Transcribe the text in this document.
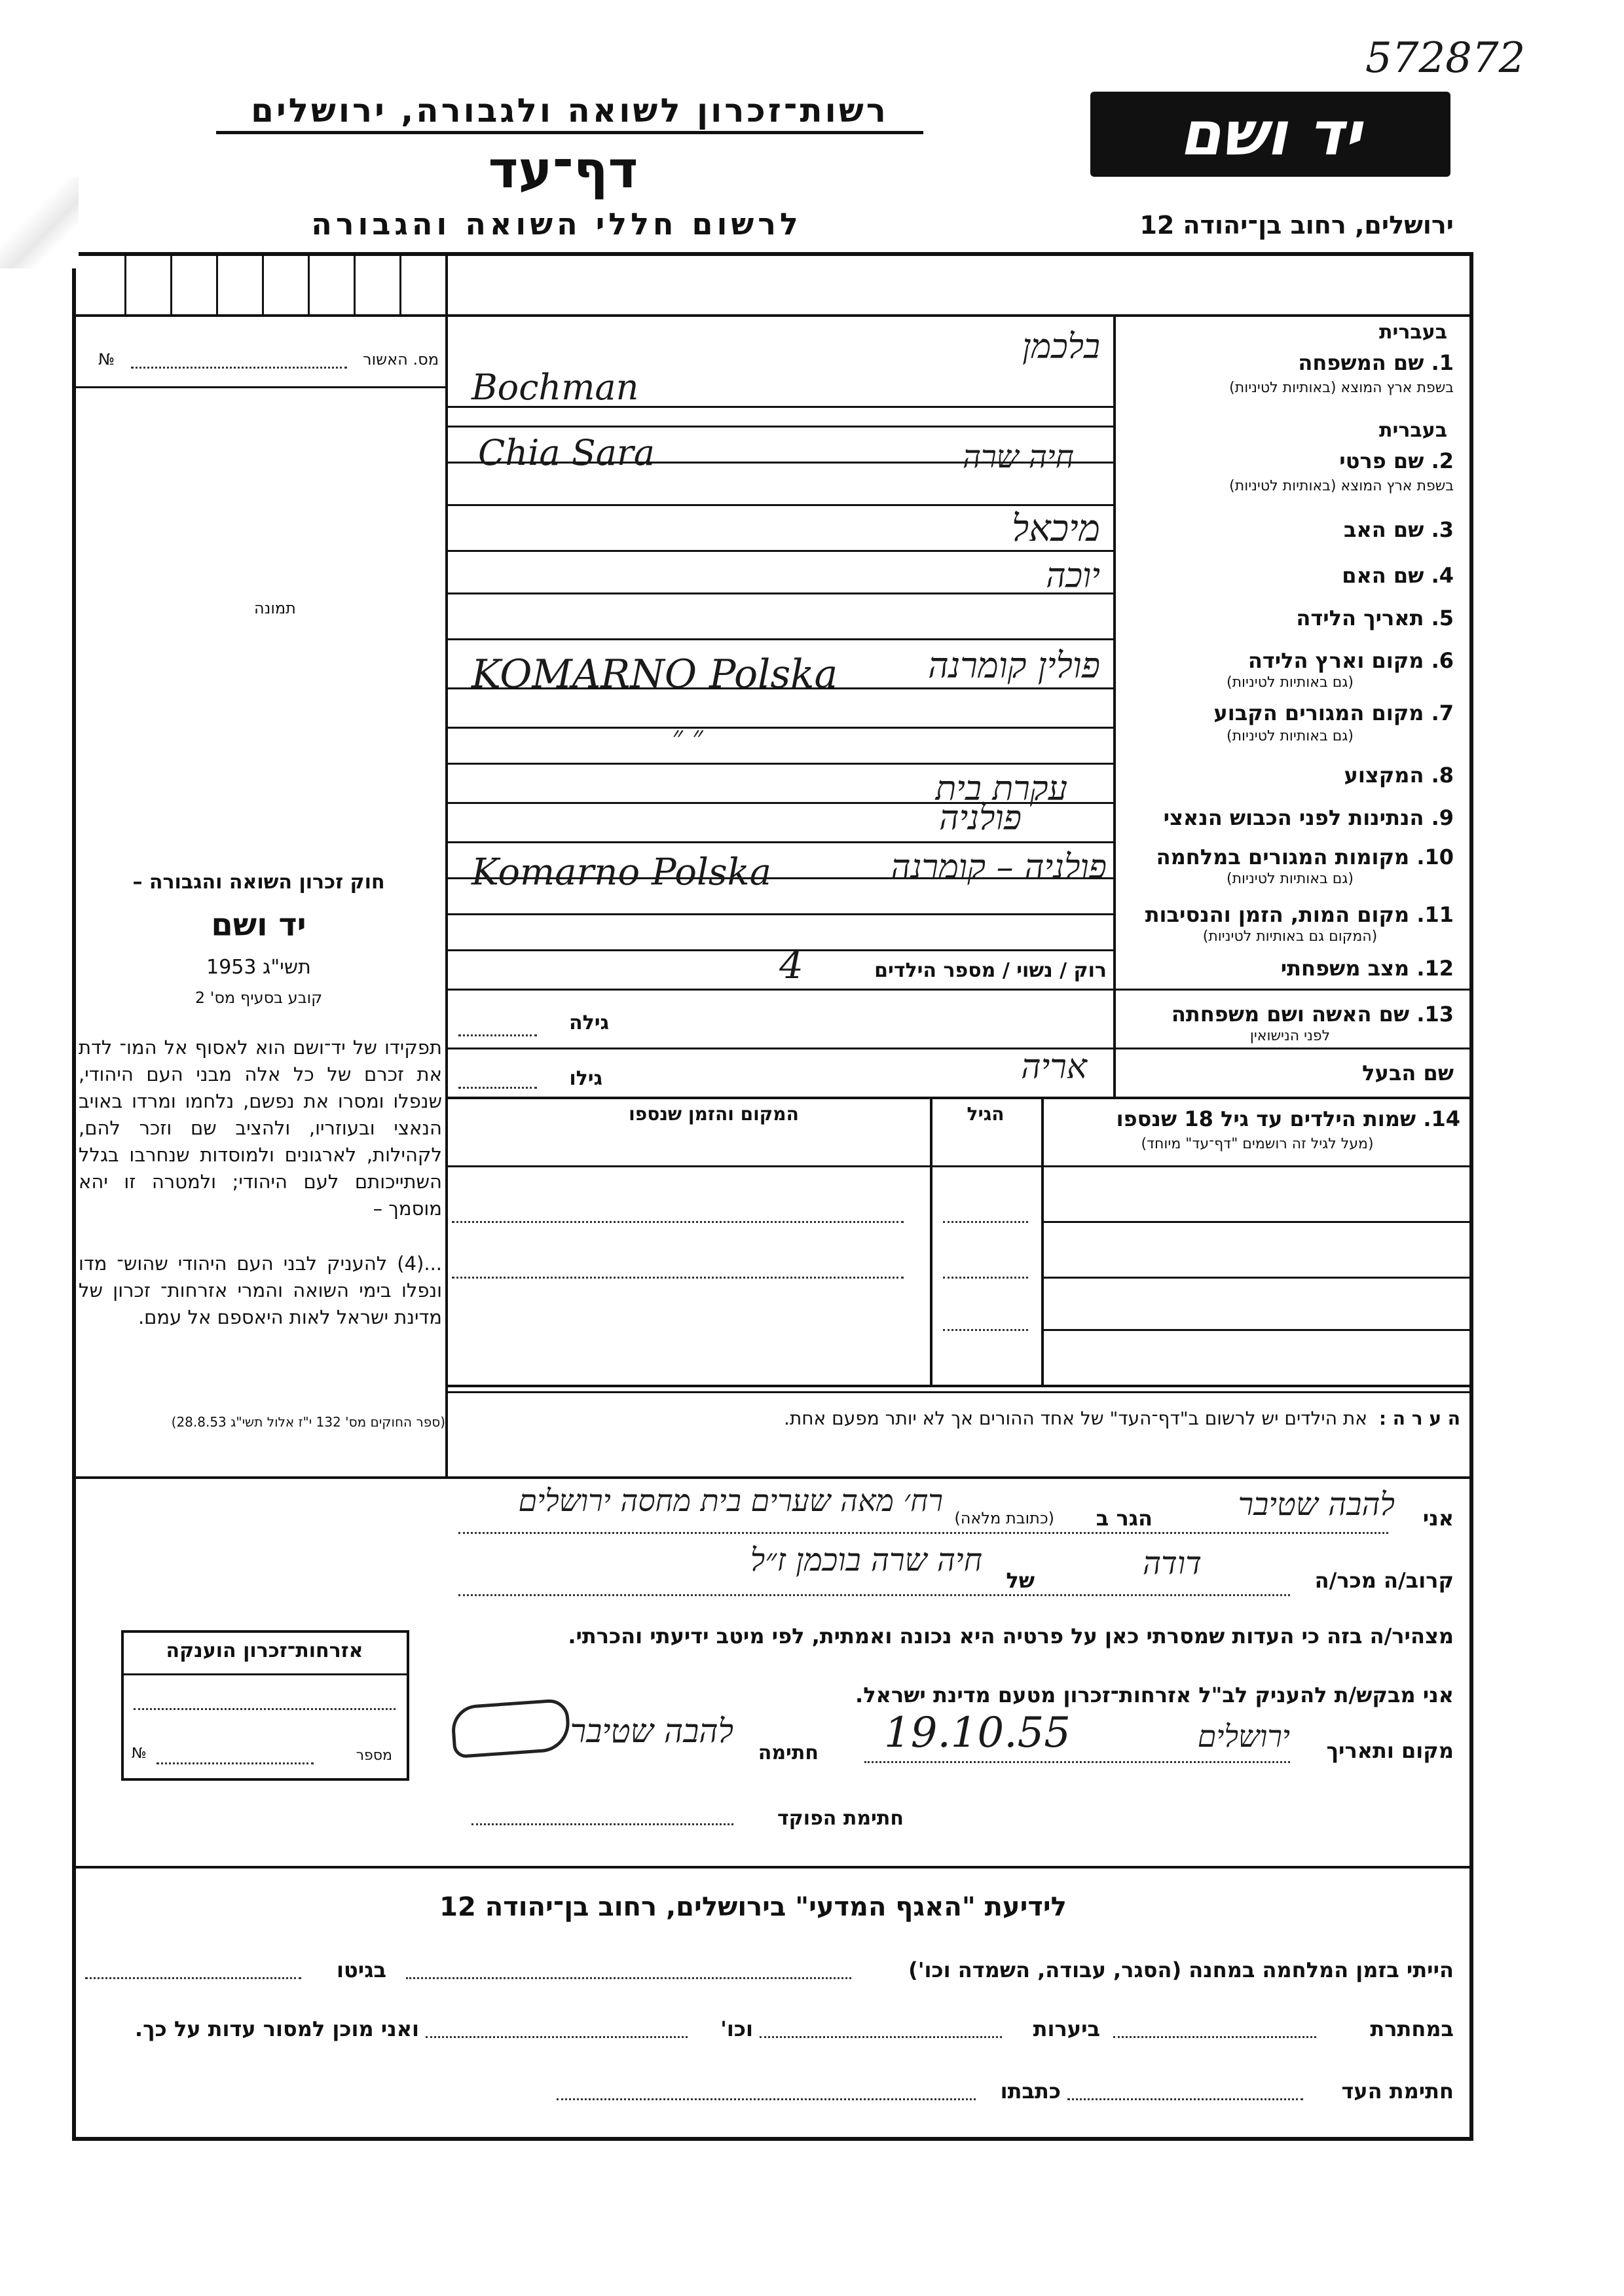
572872
רשות־זכרון לשואה ולגבורה, ירושלים	יד ושם
דף־עד
לרשום חללי השואה והגבורה	ירושלים, רחוב בן־יהודה 12
מס. האשור
№
תמונה
חוק זכרון השואה והגבורה –
יד ושם
תשי"ג 1953
קובע בסעיף מס' 2
תפקידו של יד־ושם הוא לאסוף אל המו־ לדת את זכרם של כל אלה מבני העם היהודי, שנפלו ומסרו את נפשם, נלחמו ומרדו באויב הנאצי ובעוזריו, ולהציב שם וזכר להם, לקהילות, לארגונים ולמוסדות שנחרבו בגלל השתייכותם לעם היהודי; ולמטרה זו יהא מוסמך –
...(4) להעניק לבני העם היהודי שהוש־ מדו ונפלו בימי השואה והמרי אזרחות־ זכרון של מדינת ישראל לאות היאספם אל עמם.
(ספר החוקים מס' 132 י"ז אלול תשי"ג 28.8.53)
בעברית
1. שם המשפחה
בשפת ארץ המוצא (באותיות לטיניות)
בלכמן
Bochman
בעברית
2. שם פרטי
בשפת ארץ המוצא (באותיות לטיניות)
חיה שרה
Chia Sara
3. שם האב
מיכאל
4. שם האם
יוכה
5. תאריך הלידה
6. מקום וארץ הלידה
(גם באותיות לטיניות)
פולין קומרנה
KOMARNO Polska
7. מקום המגורים הקבוע
(גם באותיות לטיניות)
״ ״
8. המקצוע
עקרת בית
9. הנתינות לפני הכבוש הנאצי
פולניה
10. מקומות המגורים במלחמה
(גם באותיות לטיניות)
פולניה – קומרנה
Komarno Polska
11. מקום המות, הזמן והנסיבות
(המקום גם באותיות לטיניות)
12. מצב משפחתי
רוק / נשוי / מספר הילדים
4
13. שם האשה ושם משפחתה
לפני הנישואין
גילה
שם הבעל
אריה
גילו
14. שמות הילדים עד גיל 18 שנספו
(מעל לגיל זה רושמים "דף־עד" מיוחד)
הגיל
המקום והזמן שנספו
ה ע ר ה :  את הילדים יש לרשום ב"דף־העד" של אחד ההורים אך לא יותר מפעם אחת.
אני
להבה שטיבר
הגר ב
(כתובת מלאה)
רח׳ מאה שערים בית מחסה ירושלים
קרוב/ה מכר/ה
דודה
של
חיה שרה בוכמן ז״ל
מצהיר/ה בזה כי העדות שמסרתי כאן על פרטיה היא נכונה ואמתית, לפי מיטב ידיעתי והכרתי.
אני מבקש/ת להעניק לב"ל אזרחות־זכרון מטעם מדינת ישראל.
מקום ותאריך
ירושלים
19.10.55
חתימה
להבה שטיבר
חתימת הפוקד
אזרחות־זכרון הוענקה
מספר
№
לידיעת "האגף המדעי" בירושלים, רחוב בן־יהודה 12
הייתי בזמן המלחמה במחנה (הסגר, עבודה, השמדה וכו')
בגיטו
במחתרת
ביערות
וכו'
ואני מוכן למסור עדות על כך.
חתימת העד
כתבתו
